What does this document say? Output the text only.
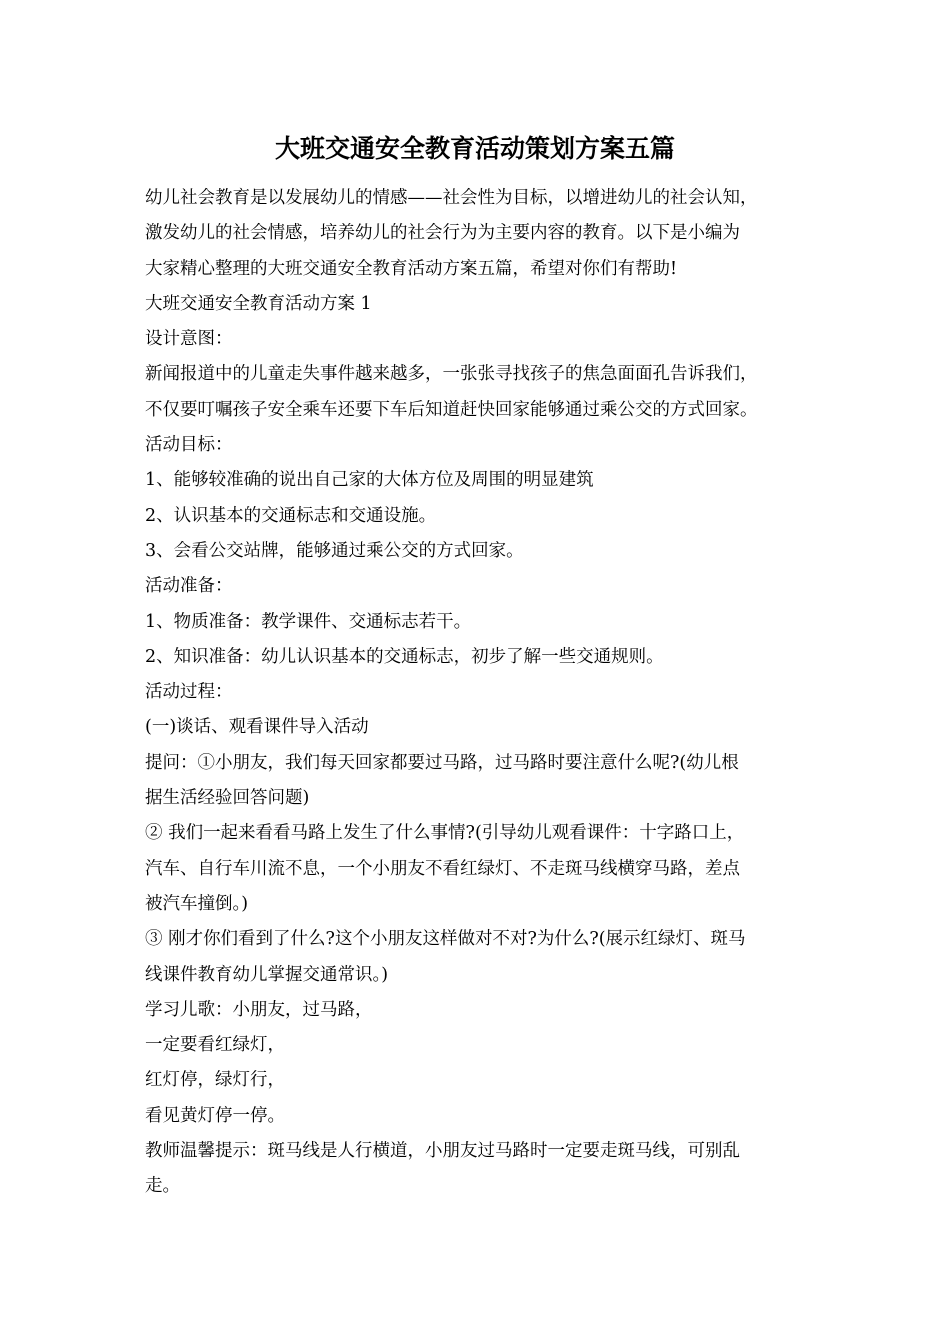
大班交通安全教育活动策划方案五篇

幼儿社会教育是以发展幼儿的情感——社会性为目标，以增进幼儿的社会认知，

激发幼儿的社会情感，培养幼儿的社会行为为主要内容的教育。以下是小编为

大家精心整理的大班交通安全教育活动方案五篇，希望对你们有帮助!

大班交通安全教育活动方案 1

设计意图：

新闻报道中的儿童走失事件越来越多，一张张寻找孩子的焦急面面孔告诉我们，

不仅要叮嘱孩子安全乘车还要下车后知道赶快回家能够通过乘公交的方式回家。

活动目标：

1、能够较准确的说出自己家的大体方位及周围的明显建筑

2、认识基本的交通标志和交通设施。

3、会看公交站牌，能够通过乘公交的方式回家。

活动准备：

1、物质准备：教学课件、交通标志若干。

2、知识准备：幼儿认识基本的交通标志，初步了解一些交通规则。

活动过程：

(一)谈话、观看课件导入活动

提问：①小朋友，我们每天回家都要过马路，过马路时要注意什么呢?(幼儿根

据生活经验回答问题)

② 我们一起来看看马路上发生了什么事情?(引导幼儿观看课件：十字路口上，

汽车、自行车川流不息，一个小朋友不看红绿灯、不走斑马线横穿马路，差点

被汽车撞倒。)

③ 刚才你们看到了什么?这个小朋友这样做对不对?为什么?(展示红绿灯、斑马

线课件教育幼儿掌握交通常识。)

学习儿歌：小朋友，过马路，

一定要看红绿灯，

红灯停，绿灯行，

看见黄灯停一停。

教师温馨提示：斑马线是人行横道，小朋友过马路时一定要走斑马线，可别乱

走。
